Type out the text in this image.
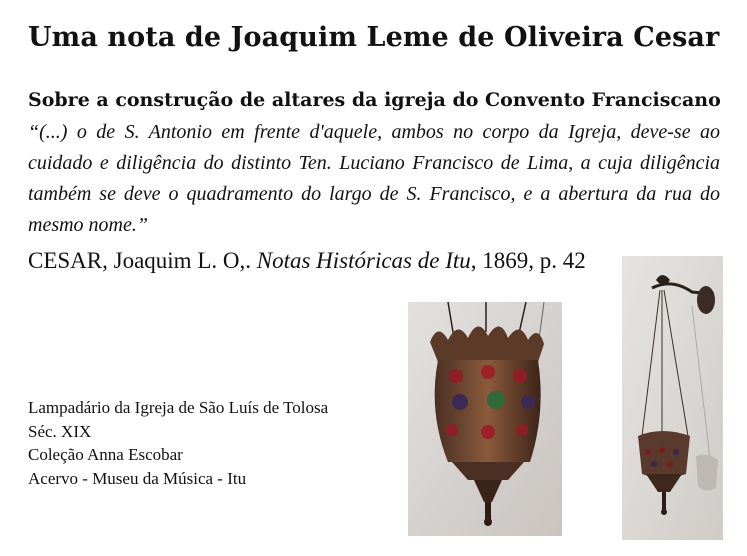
Uma nota de Joaquim Leme de Oliveira Cesar
Sobre a construção de altares da igreja do Convento Franciscano
“(...) o de S. Antonio em frente d'aquele, ambos no corpo da Igreja, deve-se ao cuidado e diligência do distinto Ten. Luciano Francisco de Lima, a cuja diligência também se deve o quadramento do largo de S. Francisco, e a abertura da rua do mesmo nome.”
CESAR, Joaquim L. O,. Notas Históricas de Itu, 1869, p. 42
Lampadário da Igreja de São Luís de Tolosa
Séc. XIX
Coleção Anna Escobar
Acervo - Museu da Música - Itu
